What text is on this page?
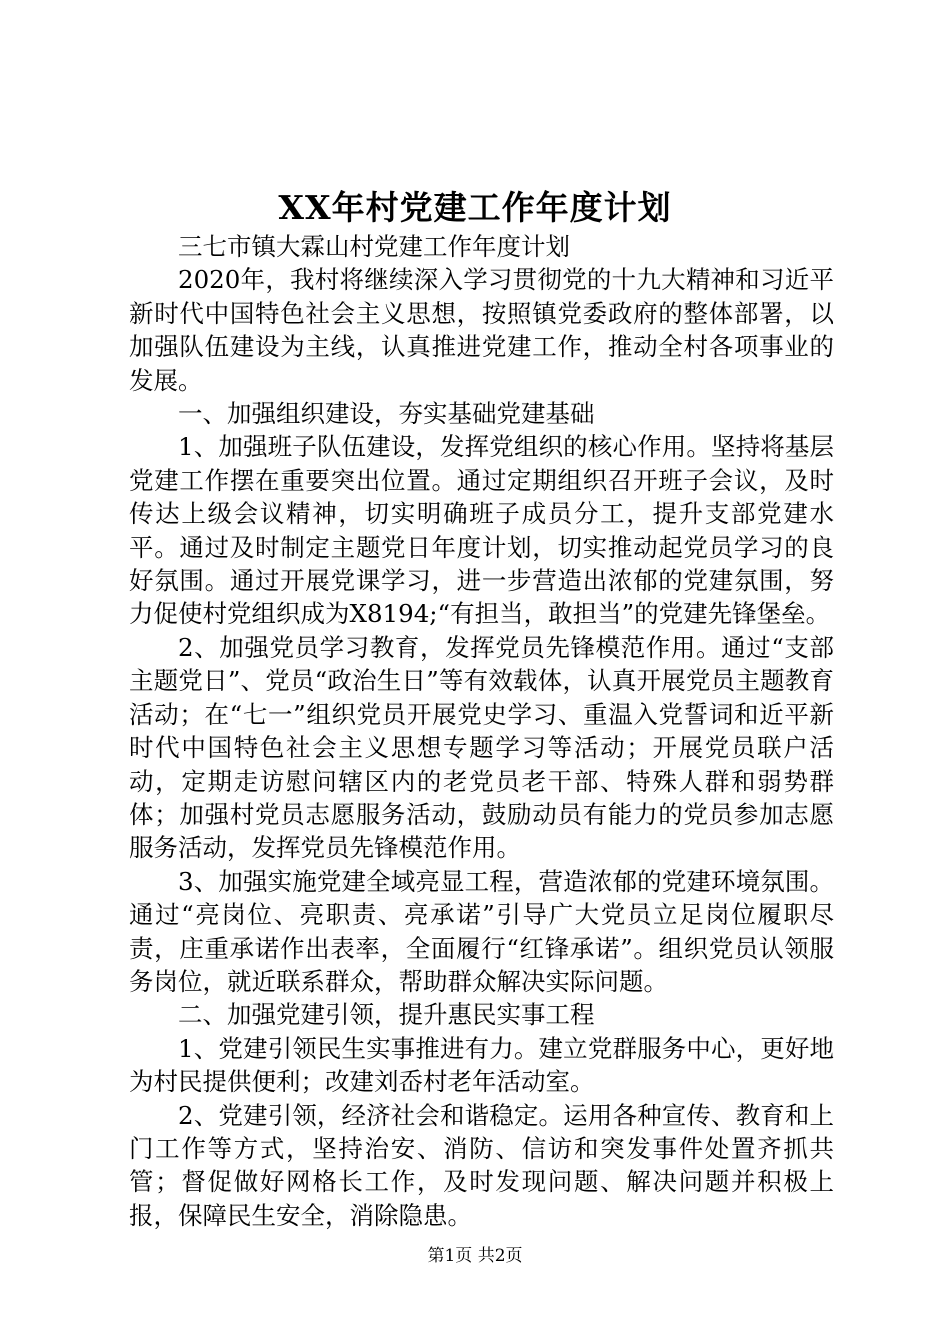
XX年村党建工作年度计划

三七市镇大霖山村党建工作年度计划

2020年，我村将继续深入学习贯彻党的十九大精神和习近平新时代中国特色社会主义思想，按照镇党委政府的整体部署，以加强队伍建设为主线，认真推进党建工作，推动全村各项事业的发展。

一、加强组织建设，夯实基础党建基础

1、加强班子队伍建设，发挥党组织的核心作用。坚持将基层党建工作摆在重要突出位置。通过定期组织召开班子会议，及时传达上级会议精神，切实明确班子成员分工，提升支部党建水平。通过及时制定主题党日年度计划，切实推动起党员学习的良好氛围。通过开展党课学习，进一步营造出浓郁的党建氛围，努力促使村党组织成为X8194;“有担当，敢担当”的党建先锋堡垒。

2、加强党员学习教育，发挥党员先锋模范作用。通过“支部主题党日”、党员“政治生日”等有效载体，认真开展党员主题教育活动；在“七一”组织党员开展党史学习、重温入党誓词和近平新时代中国特色社会主义思想专题学习等活动；开展党员联户活动，定期走访慰问辖区内的老党员老干部、特殊人群和弱势群体；加强村党员志愿服务活动，鼓励动员有能力的党员参加志愿服务活动，发挥党员先锋模范作用。

3、加强实施党建全域亮显工程，营造浓郁的党建环境氛围。通过“亮岗位、亮职责、亮承诺”引导广大党员立足岗位履职尽责，庄重承诺作出表率，全面履行“红锋承诺”。组织党员认领服务岗位，就近联系群众，帮助群众解决实际问题。

二、加强党建引领，提升惠民实事工程

1、党建引领民生实事推进有力。建立党群服务中心，更好地为村民提供便利；改建刘岙村老年活动室。

2、党建引领，经济社会和谐稳定。运用各种宣传、教育和上门工作等方式，坚持治安、消防、信访和突发事件处置齐抓共管；督促做好网格长工作，及时发现问题、解决问题并积极上报，保障民生安全，消除隐患。

第1页 共2页
